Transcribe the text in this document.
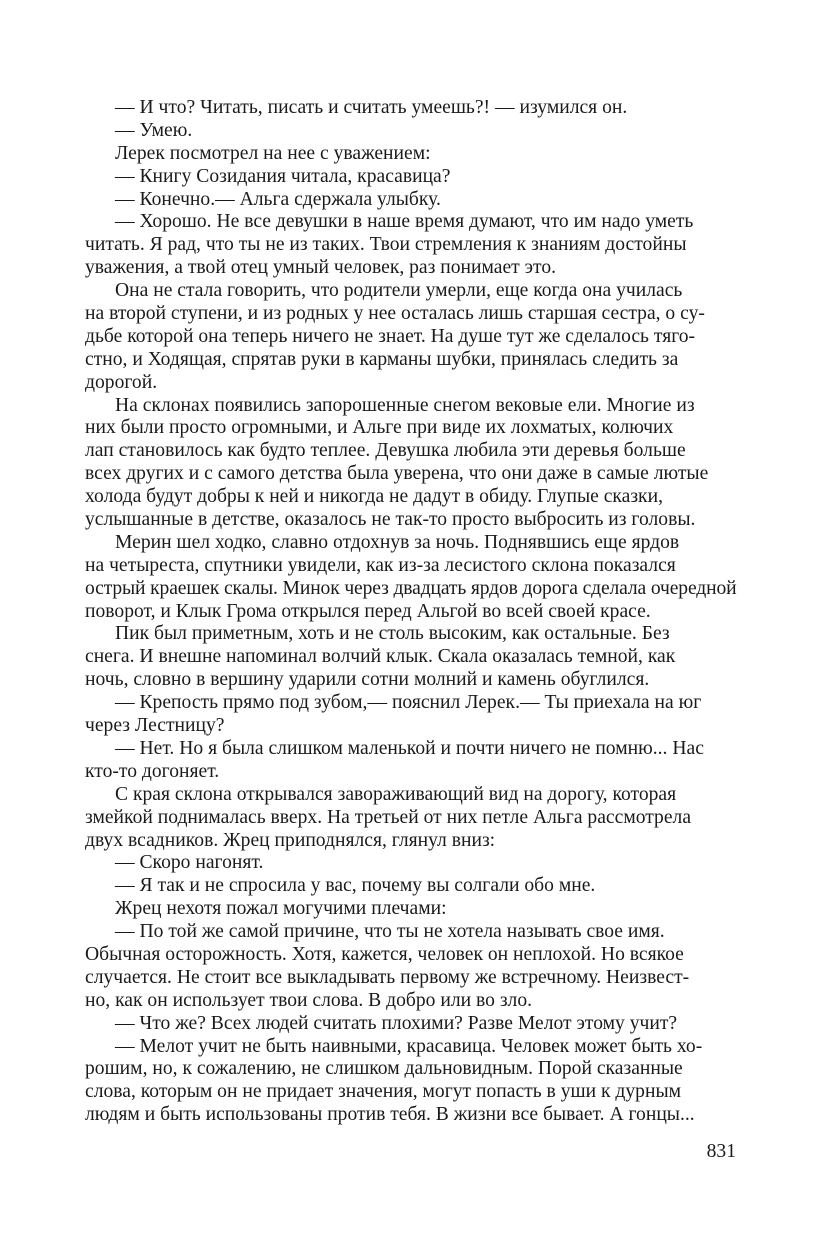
— И что? Читать, писать и считать умеешь?! — изумился он.
— Умею.
Лерек посмотрел на нее с уважением:
— Книгу Созидания читала, красавица?
— Конечно.— Альга сдержала улыбку.
— Хорошо. Не все девушки в наше время думают, что им надо уметь
читать. Я рад, что ты не из таких. Твои стремления к знаниям достойны
уважения, а твой отец умный человек, раз понимает это.
Она не стала говорить, что родители умерли, еще когда она училась
на второй ступени, и из родных у нее осталась лишь старшая сестра, о су-
дьбе которой она теперь ничего не знает. На душе тут же сделалось тяго-
стно, и Ходящая, спрятав руки в карманы шубки, принялась следить за
дорогой.
На склонах появились запорошенные снегом вековые ели. Многие из
них были просто огромными, и Альге при виде их лохматых, колючих
лап становилось как будто теплее. Девушка любила эти деревья больше
всех других и с самого детства была уверена, что они даже в самые лютые
холода будут добры к ней и никогда не дадут в обиду. Глупые сказки,
услышанные в детстве, оказалось не так-то просто выбросить из головы.
Мерин шел ходко, славно отдохнув за ночь. Поднявшись еще ярдов
на четыреста, спутники увидели, как из-за лесистого склона показался
острый краешек скалы. Минок через двадцать ярдов дорога сделала очередной
поворот, и Клык Грома открылся перед Альгой во всей своей красе.
Пик был приметным, хоть и не столь высоким, как остальные. Без
снега. И внешне напоминал волчий клык. Скала оказалась темной, как
ночь, словно в вершину ударили сотни молний и камень обуглился.
— Крепость прямо под зубом,— пояснил Лерек.— Ты приехала на юг
через Лестницу?
— Нет. Но я была слишком маленькой и почти ничего не помню... Нас
кто-то догоняет.
С края склона открывался завораживающий вид на дорогу, которая
змейкой поднималась вверх. На третьей от них петле Альга рассмотрела
двух всадников. Жрец приподнялся, глянул вниз:
— Скоро нагонят.
— Я так и не спросила у вас, почему вы солгали обо мне.
Жрец нехотя пожал могучими плечами:
— По той же самой причине, что ты не хотела называть свое имя.
Обычная осторожность. Хотя, кажется, человек он неплохой. Но всякое
случается. Не стоит все выкладывать первому же встречному. Неизвест-
но, как он использует твои слова. В добро или во зло.
— Что же? Всех людей считать плохими? Разве Мелот этому учит?
— Мелот учит не быть наивными, красавица. Человек может быть хо-
рошим, но, к сожалению, не слишком дальновидным. Порой сказанные
слова, которым он не придает значения, могут попасть в уши к дурным
людям и быть использованы против тебя. В жизни все бывает. А гонцы...
831
